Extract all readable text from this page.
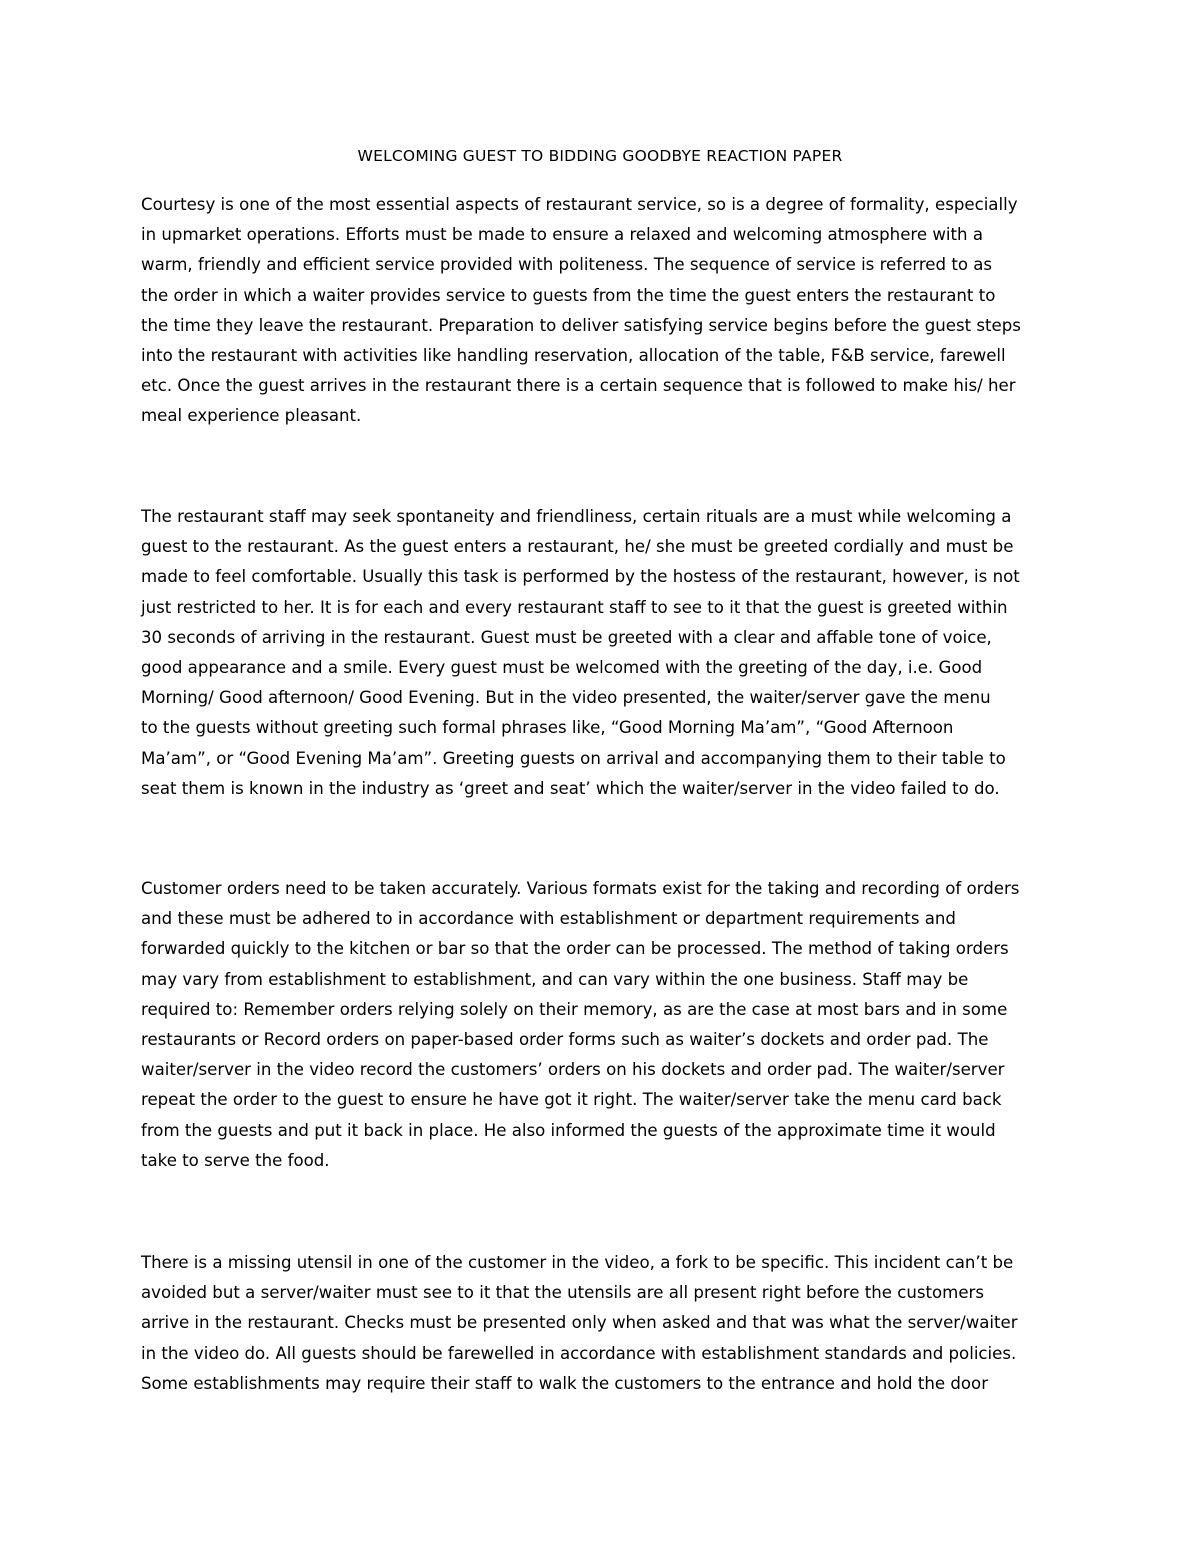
WELCOMING GUEST TO BIDDING GOODBYE REACTION PAPER

Courtesy is one of the most essential aspects of restaurant service, so is a degree of formality, especially
in upmarket operations. Efforts must be made to ensure a relaxed and welcoming atmosphere with a
warm, friendly and efficient service provided with politeness. The sequence of service is referred to as
the order in which a waiter provides service to guests from the time the guest enters the restaurant to
the time they leave the restaurant. Preparation to deliver satisfying service begins before the guest steps
into the restaurant with activities like handling reservation, allocation of the table, F&B service, farewell
etc. Once the guest arrives in the restaurant there is a certain sequence that is followed to make his/ her
meal experience pleasant.

The restaurant staff may seek spontaneity and friendliness, certain rituals are a must while welcoming a
guest to the restaurant. As the guest enters a restaurant, he/ she must be greeted cordially and must be
made to feel comfortable. Usually this task is performed by the hostess of the restaurant, however, is not
just restricted to her. It is for each and every restaurant staff to see to it that the guest is greeted within
30 seconds of arriving in the restaurant. Guest must be greeted with a clear and affable tone of voice,
good appearance and a smile. Every guest must be welcomed with the greeting of the day, i.e. Good
Morning/ Good afternoon/ Good Evening. But in the video presented, the waiter/server gave the menu
to the guests without greeting such formal phrases like, “Good Morning Ma’am”, “Good Afternoon
Ma’am”, or “Good Evening Ma’am”. Greeting guests on arrival and accompanying them to their table to
seat them is known in the industry as ‘greet and seat’ which the waiter/server in the video failed to do.

Customer orders need to be taken accurately. Various formats exist for the taking and recording of orders
and these must be adhered to in accordance with establishment or department requirements and
forwarded quickly to the kitchen or bar so that the order can be processed. The method of taking orders
may vary from establishment to establishment, and can vary within the one business. Staff may be
required to: Remember orders relying solely on their memory, as are the case at most bars and in some
restaurants or Record orders on paper-based order forms such as waiter’s dockets and order pad. The
waiter/server in the video record the customers’ orders on his dockets and order pad. The waiter/server
repeat the order to the guest to ensure he have got it right. The waiter/server take the menu card back
from the guests and put it back in place. He also informed the guests of the approximate time it would
take to serve the food.

There is a missing utensil in one of the customer in the video, a fork to be specific. This incident can’t be
avoided but a server/waiter must see to it that the utensils are all present right before the customers
arrive in the restaurant. Checks must be presented only when asked and that was what the server/waiter
in the video do. All guests should be farewelled in accordance with establishment standards and policies.
Some establishments may require their staff to walk the customers to the entrance and hold the door
